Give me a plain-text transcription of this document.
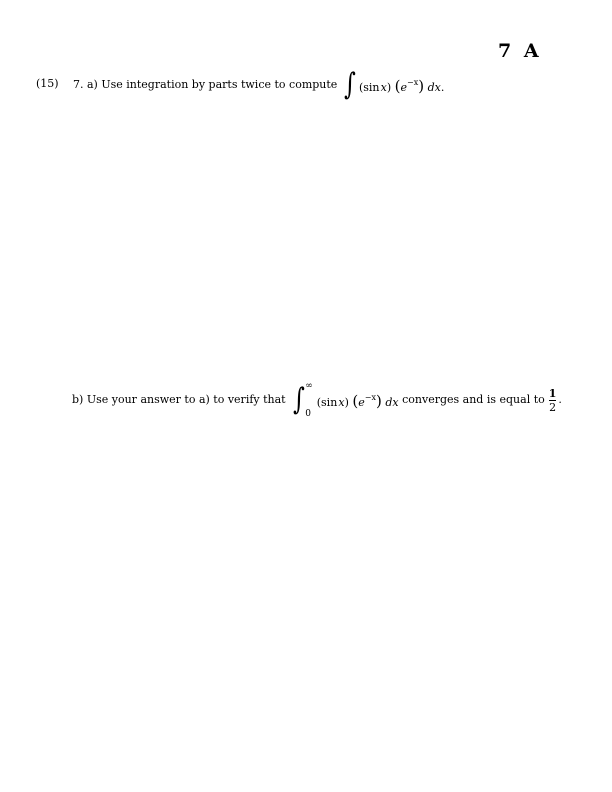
7 A
(15) 7. a)
Use integration by parts twice to compute ∫ (sin x) $(e^{-x})$ dx.
b)
Use your answer to a) to verify that ∫ ∞
0
(sin x) $(e^{-x})$ dx
converges and is equal to $\frac{1}{2}$ .
